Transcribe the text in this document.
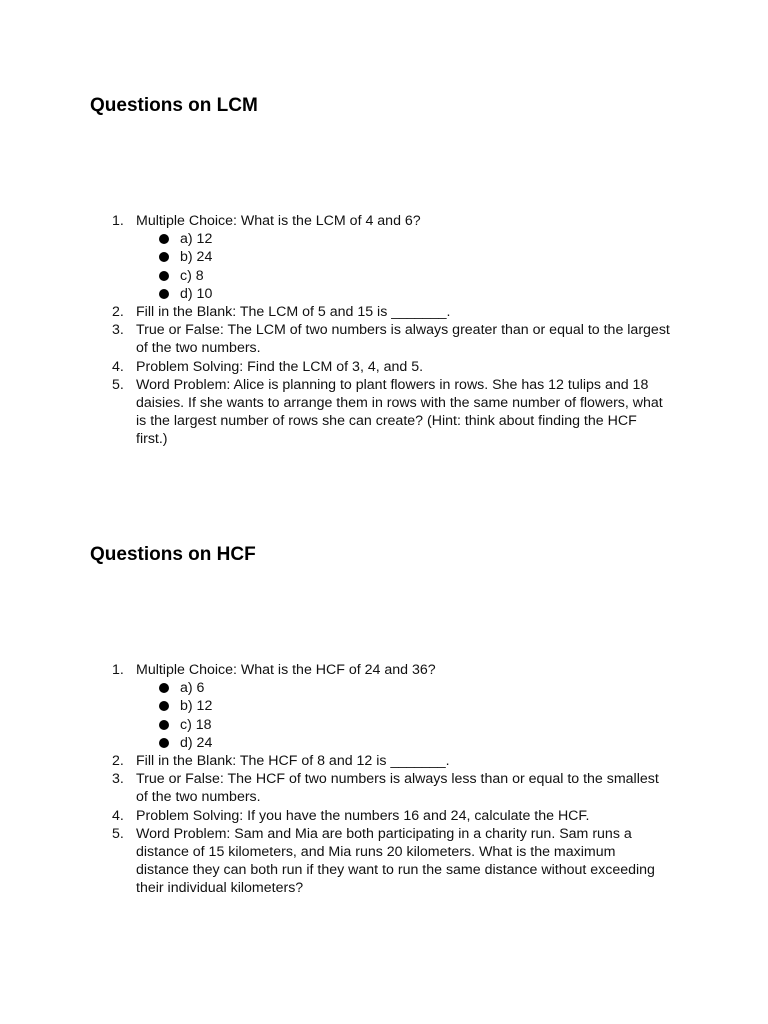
Questions on LCM
1. Multiple Choice: What is the LCM of 4 and 6?
a) 12
b) 24
c) 8
d) 10
2. Fill in the Blank: The LCM of 5 and 15 is _______.
3. True or False: The LCM of two numbers is always greater than or equal to the largest of the two numbers.
4. Problem Solving: Find the LCM of 3, 4, and 5.
5. Word Problem: Alice is planning to plant flowers in rows. She has 12 tulips and 18 daisies. If she wants to arrange them in rows with the same number of flowers, what is the largest number of rows she can create? (Hint: think about finding the HCF first.)
Questions on HCF
1. Multiple Choice: What is the HCF of 24 and 36?
a) 6
b) 12
c) 18
d) 24
2. Fill in the Blank: The HCF of 8 and 12 is _______.
3. True or False: The HCF of two numbers is always less than or equal to the smallest of the two numbers.
4. Problem Solving: If you have the numbers 16 and 24, calculate the HCF.
5. Word Problem: Sam and Mia are both participating in a charity run. Sam runs a distance of 15 kilometers, and Mia runs 20 kilometers. What is the maximum distance they can both run if they want to run the same distance without exceeding their individual kilometers?
